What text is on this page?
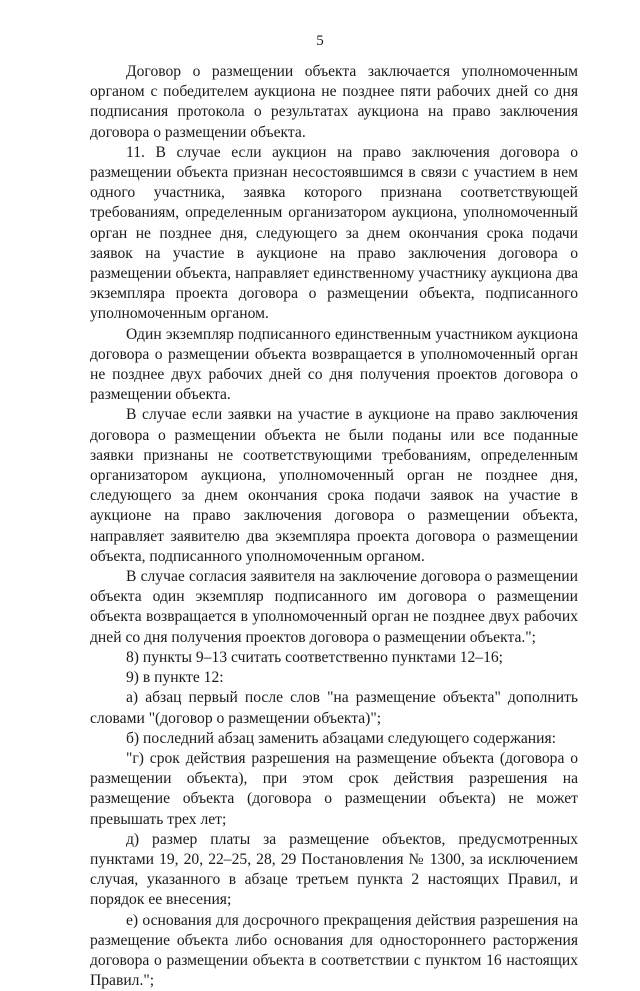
5

Договор о размещении объекта заключается уполномоченным органом с победителем аукциона не позднее пяти рабочих дней со дня подписания протокола о результатах аукциона на право заключения договора о размещении объекта.

11. В случае если аукцион на право заключения договора о размещении объекта признан несостоявшимся в связи с участием в нем одного участника, заявка которого признана соответствующей требованиям, определенным организатором аукциона, уполномоченный орган не позднее дня, следующего за днем окончания срока подачи заявок на участие в аукционе на право заключения договора о размещении объекта, направляет единственному участнику аукциона два экземпляра проекта договора о размещении объекта, подписанного уполномоченным органом.

Один экземпляр подписанного единственным участником аукциона договора о размещении объекта возвращается в уполномоченный орган не позднее двух рабочих дней со дня получения проектов договора о размещении объекта.

В случае если заявки на участие в аукционе на право заключения договора о размещении объекта не были поданы или все поданные заявки признаны не соответствующими требованиям, определенным организатором аукциона, уполномоченный орган не позднее дня, следующего за днем окончания срока подачи заявок на участие в аукционе на право заключения договора о размещении объекта, направляет заявителю два экземпляра проекта договора о размещении объекта, подписанного уполномоченным органом.

В случае согласия заявителя на заключение договора о размещении объекта один экземпляр подписанного им договора о размещении объекта возвращается в уполномоченный орган не позднее двух рабочих дней со дня получения проектов договора о размещении объекта.";

8) пункты 9–13 считать соответственно пунктами 12–16;

9) в пункте 12:

а) абзац первый после слов "на размещение объекта" дополнить словами "(договор о размещении объекта)";

б) последний абзац заменить абзацами следующего содержания:

"г) срок действия разрешения на размещение объекта (договора о размещении объекта), при этом срок действия разрешения на размещение объекта (договора о размещении объекта) не может превышать трех лет;

д) размер платы за размещение объектов, предусмотренных пунктами 19, 20, 22–25, 28, 29 Постановления № 1300, за исключением случая, указанного в абзаце третьем пункта 2 настоящих Правил, и порядок ее внесения;

е) основания для досрочного прекращения действия разрешения на размещение объекта либо основания для одностороннего расторжения договора о размещении объекта в соответствии с пунктом 16 настоящих Правил.";
